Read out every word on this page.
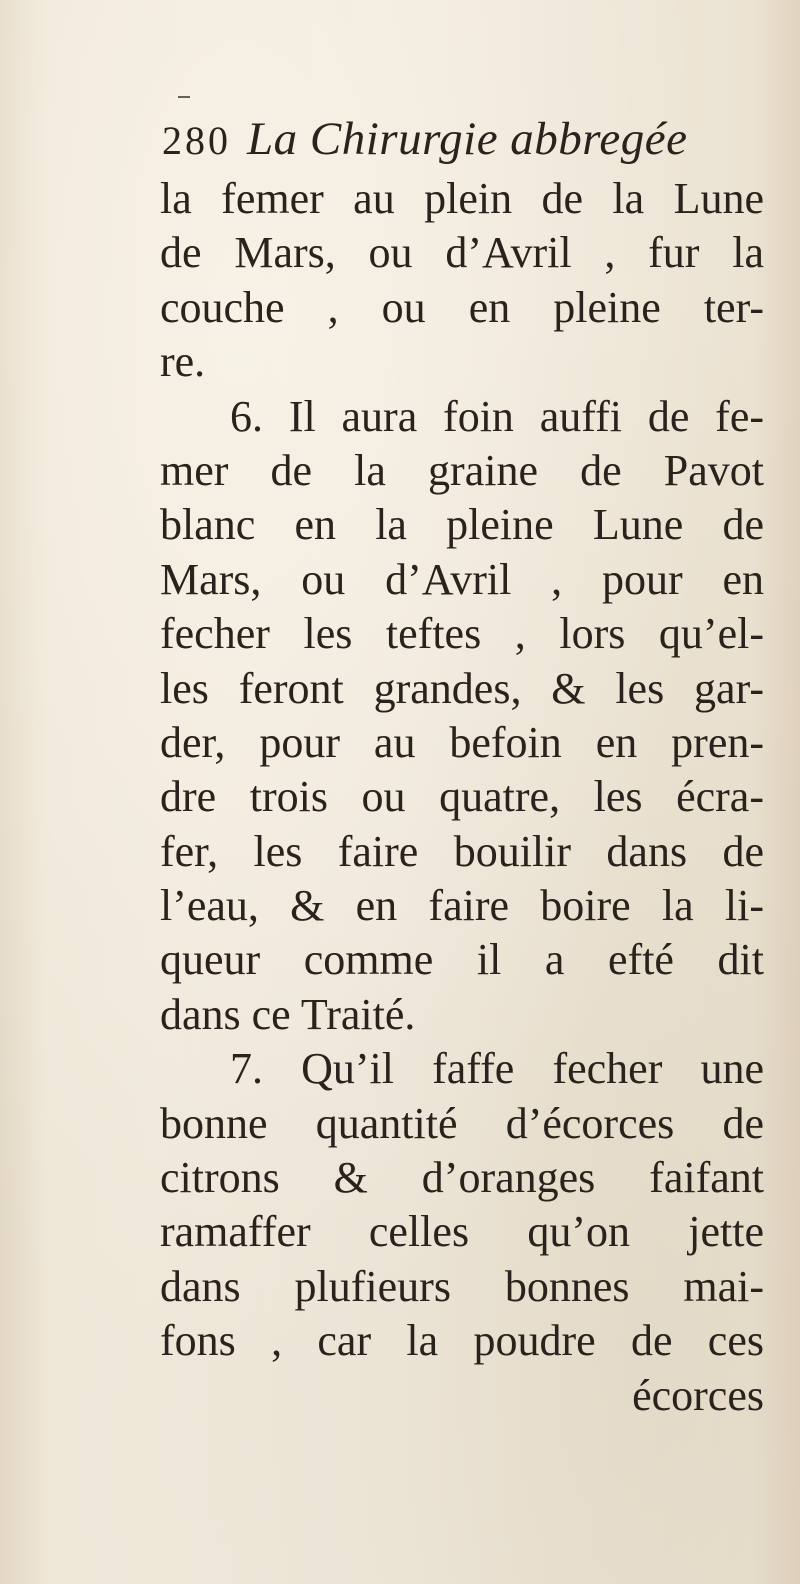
280 La Chirurgie abbregée
la femer au plein de la Lune
de Mars, ou d’Avril , fur la
couche , ou en pleine ter-
re.
6. Il aura foin auffi de fe-
mer de la graine de Pavot
blanc en la pleine Lune de
Mars, ou d’Avril , pour en
fecher les teftes , lors qu’el-
les feront grandes, & les gar-
der, pour au befoin en pren-
dre trois ou quatre, les écra-
fer, les faire bouilir dans de
l’eau, & en faire boire la li-
queur comme il a efté dit
dans ce Traité.
7. Qu’il faffe fecher une
bonne quantité d’écorces de
citrons & d’oranges faifant
ramaffer celles qu’on jette
dans plufieurs bonnes mai-
fons , car la poudre de ces
écorces
